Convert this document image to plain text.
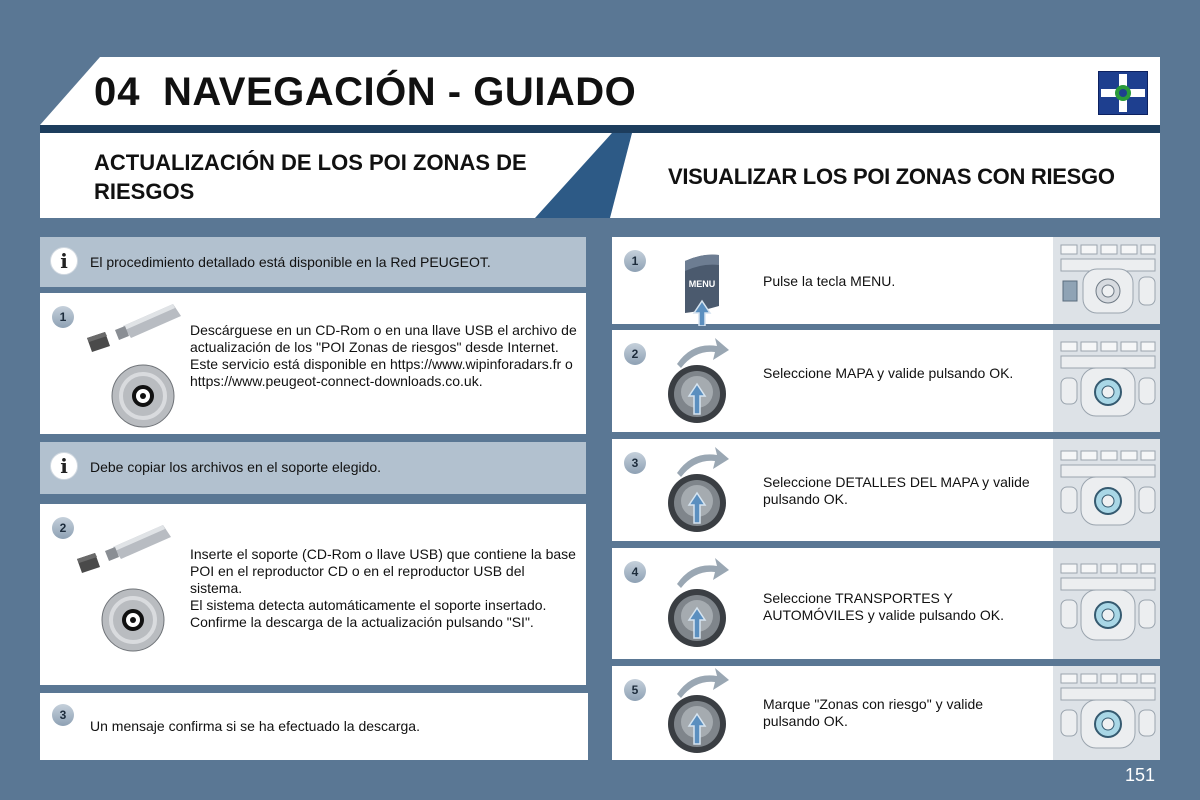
04 NAVEGACIÓN - GUIADO
ACTUALIZACIÓN DE LOS POI ZONAS DE RIESGOS
VISUALIZAR LOS POI ZONAS CON RIESGO
i	El procedimiento detallado está disponible en la Red PEUGEOT.
1
Descárguese en un CD-Rom o en una llave USB el archivo de actualización de los "POI Zonas de riesgos" desde Internet. Este servicio está disponible en https://www.wipinforadars.fr o https://www.peugeot-connect-downloads.co.uk.
i	Debe copiar los archivos en el soporte elegido.
2
Inserte el soporte (CD-Rom o llave USB) que contiene la base POI en el reproductor CD o en el reproductor USB del sistema.
El sistema detecta automáticamente el soporte insertado. Confirme la descarga de la actualización pulsando "SI".
3
Un mensaje confirma si se ha efectuado la descarga.
1
MENU	Pulse la tecla MENU.
2
Seleccione MAPA y valide pulsando OK.
3
Seleccione DETALLES DEL MAPA y valide pulsando OK.
4
Seleccione TRANSPORTES Y AUTOMÓVILES y valide pulsando OK.
5
Marque "Zonas con riesgo" y valide pulsando OK.
151
